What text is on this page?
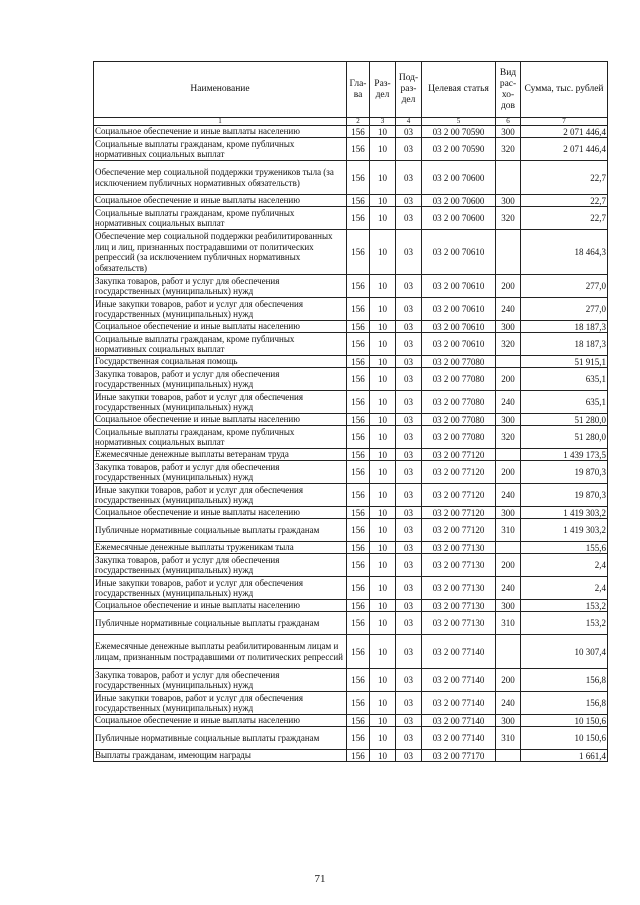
Наименование	Гла-ва	Раз-дел	Под-раз-дел	Целевая статья	Вид рас-хо-дов	Сумма, тыс. рублей
1	2	3	4	5	6	7
Социальное обеспечение и иные выплаты населению	156	10	03	03 2 00 70590	300	2 071 446,4
Социальные выплаты гражданам, кроме публичных нормативных социальных выплат	156	10	03	03 2 00 70590	320	2 071 446,4
Обеспечение мер социальной поддержки тружеников тыла (за исключением публичных нормативных обязательств)	156	10	03	03 2 00 70600		22,7
Социальное обеспечение и иные выплаты населению	156	10	03	03 2 00 70600	300	22,7
Социальные выплаты гражданам, кроме публичных нормативных социальных выплат	156	10	03	03 2 00 70600	320	22,7
Обеспечение мер социальной поддержки реабилитированных лиц и лиц, признанных пострадавшими от политических репрессий (за исключением публичных нормативных обязательств)	156	10	03	03 2 00 70610		18 464,3
Закупка товаров, работ и услуг для обеспечения государственных (муниципальных) нужд	156	10	03	03 2 00 70610	200	277,0
Иные закупки товаров, работ и услуг для обеспечения государственных (муниципальных) нужд	156	10	03	03 2 00 70610	240	277,0
Социальное обеспечение и иные выплаты населению	156	10	03	03 2 00 70610	300	18 187,3
Социальные выплаты гражданам, кроме публичных нормативных социальных выплат	156	10	03	03 2 00 70610	320	18 187,3
Государственная социальная помощь	156	10	03	03 2 00 77080		51 915,1
Закупка товаров, работ и услуг для обеспечения государственных (муниципальных) нужд	156	10	03	03 2 00 77080	200	635,1
Иные закупки товаров, работ и услуг для обеспечения государственных (муниципальных) нужд	156	10	03	03 2 00 77080	240	635,1
Социальное обеспечение и иные выплаты населению	156	10	03	03 2 00 77080	300	51 280,0
Социальные выплаты гражданам, кроме публичных нормативных социальных выплат	156	10	03	03 2 00 77080	320	51 280,0
Ежемесячные денежные выплаты ветеранам труда	156	10	03	03 2 00 77120		1 439 173,5
Закупка товаров, работ и услуг для обеспечения государственных (муниципальных) нужд	156	10	03	03 2 00 77120	200	19 870,3
Иные закупки товаров, работ и услуг для обеспечения государственных (муниципальных) нужд	156	10	03	03 2 00 77120	240	19 870,3
Социальное обеспечение и иные выплаты населению	156	10	03	03 2 00 77120	300	1 419 303,2
Публичные нормативные социальные выплаты гражданам	156	10	03	03 2 00 77120	310	1 419 303,2
Ежемесячные денежные выплаты труженикам тыла	156	10	03	03 2 00 77130		155,6
Закупка товаров, работ и услуг для обеспечения государственных (муниципальных) нужд	156	10	03	03 2 00 77130	200	2,4
Иные закупки товаров, работ и услуг для обеспечения государственных (муниципальных) нужд	156	10	03	03 2 00 77130	240	2,4
Социальное обеспечение и иные выплаты населению	156	10	03	03 2 00 77130	300	153,2
Публичные нормативные социальные выплаты гражданам	156	10	03	03 2 00 77130	310	153,2
Ежемесячные денежные выплаты реабилитированным лицам и лицам, признанным пострадавшими от политических репрессий	156	10	03	03 2 00 77140		10 307,4
Закупка товаров, работ и услуг для обеспечения государственных (муниципальных) нужд	156	10	03	03 2 00 77140	200	156,8
Иные закупки товаров, работ и услуг для обеспечения государственных (муниципальных) нужд	156	10	03	03 2 00 77140	240	156,8
Социальное обеспечение и иные выплаты населению	156	10	03	03 2 00 77140	300	10 150,6
Публичные нормативные социальные выплаты гражданам	156	10	03	03 2 00 77140	310	10 150,6
Выплаты гражданам, имеющим награды	156	10	03	03 2 00 77170		1 661,4
71
